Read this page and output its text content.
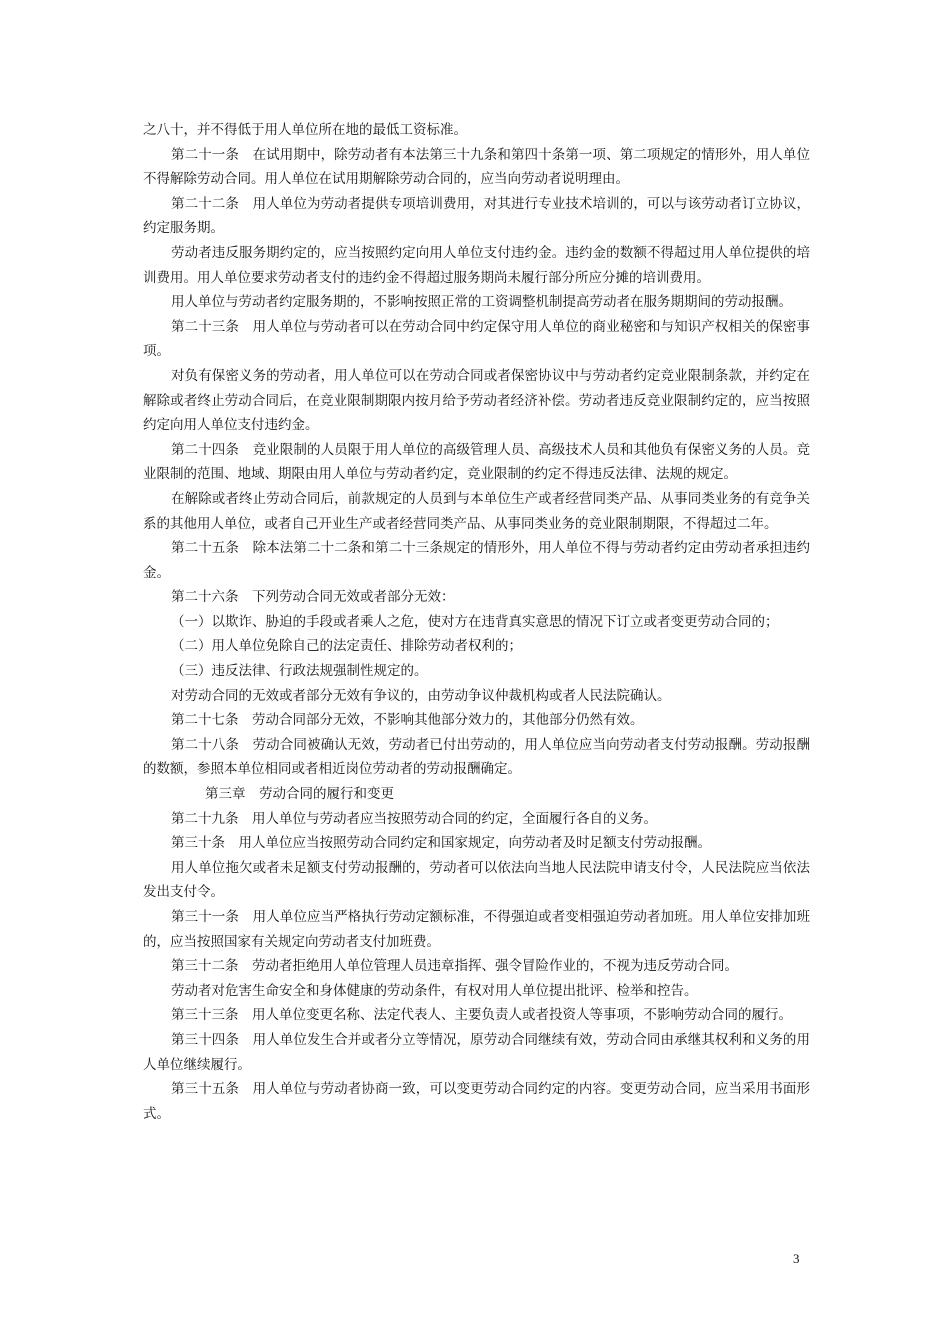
之八十，并不得低于用人单位所在地的最低工资标准。

第二十一条　在试用期中，除劳动者有本法第三十九条和第四十条第一项、第二项规定的情形外，用人单位不得解除劳动合同。用人单位在试用期解除劳动合同的，应当向劳动者说明理由。

第二十二条　用人单位为劳动者提供专项培训费用，对其进行专业技术培训的，可以与该劳动者订立协议，约定服务期。

劳动者违反服务期约定的，应当按照约定向用人单位支付违约金。违约金的数额不得超过用人单位提供的培训费用。用人单位要求劳动者支付的违约金不得超过服务期尚未履行部分所应分摊的培训费用。

用人单位与劳动者约定服务期的，不影响按照正常的工资调整机制提高劳动者在服务期期间的劳动报酬。

第二十三条　用人单位与劳动者可以在劳动合同中约定保守用人单位的商业秘密和与知识产权相关的保密事项。

对负有保密义务的劳动者，用人单位可以在劳动合同或者保密协议中与劳动者约定竞业限制条款，并约定在解除或者终止劳动合同后，在竞业限制期限内按月给予劳动者经济补偿。劳动者违反竞业限制约定的，应当按照约定向用人单位支付违约金。

第二十四条　竞业限制的人员限于用人单位的高级管理人员、高级技术人员和其他负有保密义务的人员。竞业限制的范围、地域、期限由用人单位与劳动者约定，竞业限制的约定不得违反法律、法规的规定。

在解除或者终止劳动合同后，前款规定的人员到与本单位生产或者经营同类产品、从事同类业务的有竞争关系的其他用人单位，或者自己开业生产或者经营同类产品、从事同类业务的竞业限制期限，不得超过二年。

第二十五条　除本法第二十二条和第二十三条规定的情形外，用人单位不得与劳动者约定由劳动者承担违约金。

第二十六条　下列劳动合同无效或者部分无效：

（一）以欺诈、胁迫的手段或者乘人之危，使对方在违背真实意思的情况下订立或者变更劳动合同的；

（二）用人单位免除自己的法定责任、排除劳动者权利的；

（三）违反法律、行政法规强制性规定的。

对劳动合同的无效或者部分无效有争议的，由劳动争议仲裁机构或者人民法院确认。

第二十七条　劳动合同部分无效，不影响其他部分效力的，其他部分仍然有效。

第二十八条　劳动合同被确认无效，劳动者已付出劳动的，用人单位应当向劳动者支付劳动报酬。劳动报酬的数额，参照本单位相同或者相近岗位劳动者的劳动报酬确定。

第三章　劳动合同的履行和变更

第二十九条　用人单位与劳动者应当按照劳动合同的约定，全面履行各自的义务。

第三十条　用人单位应当按照劳动合同约定和国家规定，向劳动者及时足额支付劳动报酬。

用人单位拖欠或者未足额支付劳动报酬的，劳动者可以依法向当地人民法院申请支付令，人民法院应当依法发出支付令。

第三十一条　用人单位应当严格执行劳动定额标准，不得强迫或者变相强迫劳动者加班。用人单位安排加班的，应当按照国家有关规定向劳动者支付加班费。

第三十二条　劳动者拒绝用人单位管理人员违章指挥、强令冒险作业的，不视为违反劳动合同。

劳动者对危害生命安全和身体健康的劳动条件，有权对用人单位提出批评、检举和控告。

第三十三条　用人单位变更名称、法定代表人、主要负责人或者投资人等事项，不影响劳动合同的履行。

第三十四条　用人单位发生合并或者分立等情况，原劳动合同继续有效，劳动合同由承继其权利和义务的用人单位继续履行。

第三十五条　用人单位与劳动者协商一致，可以变更劳动合同约定的内容。变更劳动合同，应当采用书面形式。

3
